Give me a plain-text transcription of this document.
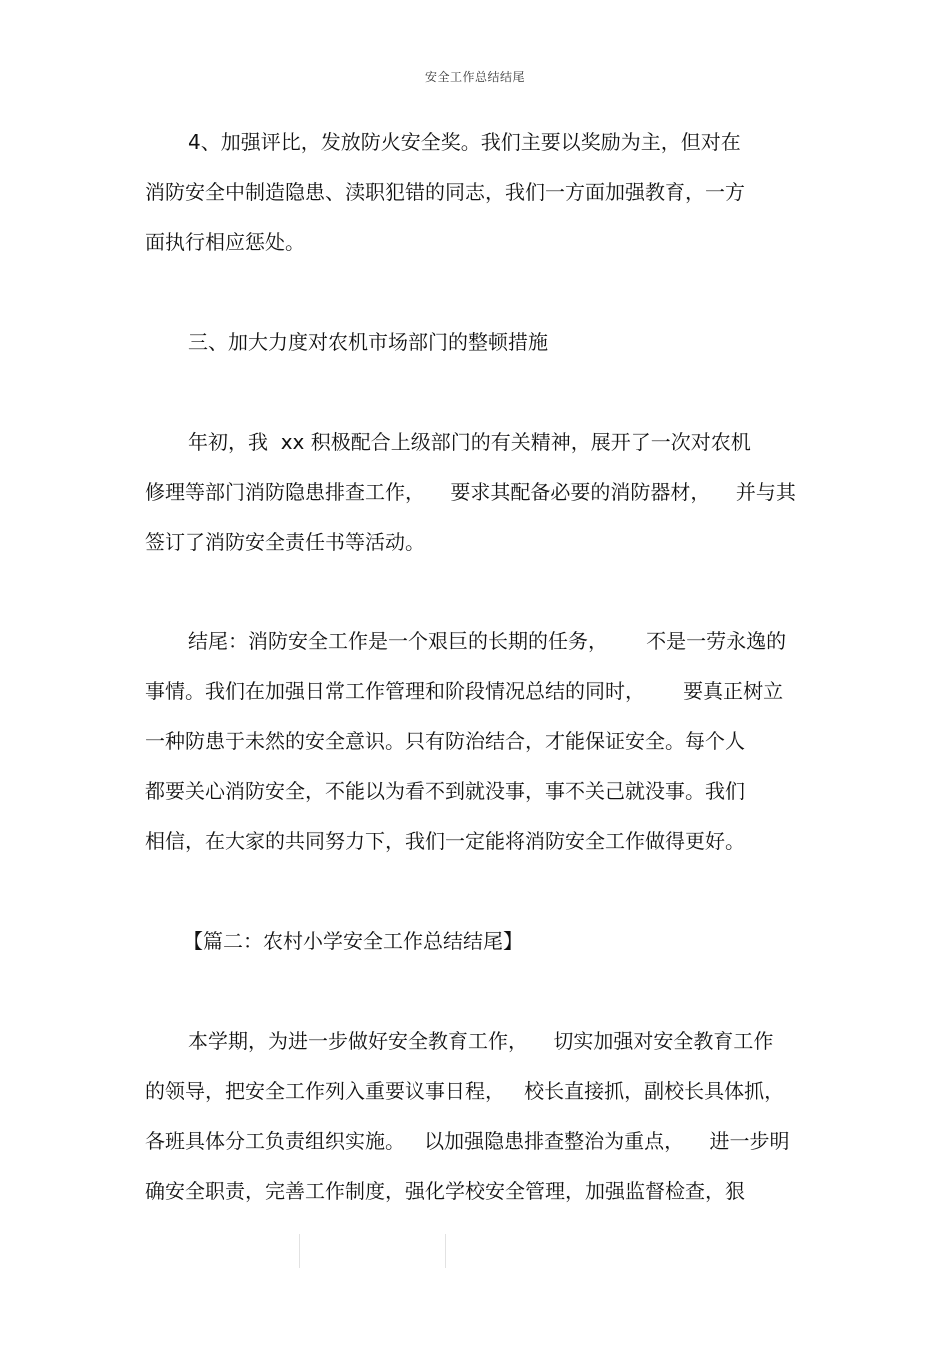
安全工作总结结尾
4、加强评比，发放防火安全奖。我们主要以奖励为主，但对在
消防安全中制造隐患、渎职犯错的同志，我们一方面加强教育，一方
面执行相应惩处。
三、加大力度对农机市场部门的整顿措施
年初，我  xx 积极配合上级部门的有关精神，展开了一次对农机
修理等部门消防隐患排查工作，    要求其配备必要的消防器材，    并与其
签订了消防安全责任书等活动。
结尾：消防安全工作是一个艰巨的长期的任务，      不是一劳永逸的
事情。我们在加强日常工作管理和阶段情况总结的同时，      要真正树立
一种防患于未然的安全意识。只有防治结合，才能保证安全。每个人
都要关心消防安全，不能以为看不到就没事，事不关己就没事。我们
相信，在大家的共同努力下，我们一定能将消防安全工作做得更好。
【篇二：农村小学安全工作总结结尾】
本学期，为进一步做好安全教育工作，    切实加强对安全教育工作
的领导，把安全工作列入重要议事日程，   校长直接抓，副校长具体抓，
各班具体分工负责组织实施。   以加强隐患排查整治为重点，    进一步明
确安全职责，完善工作制度，强化学校安全管理，加强监督检查，狠
